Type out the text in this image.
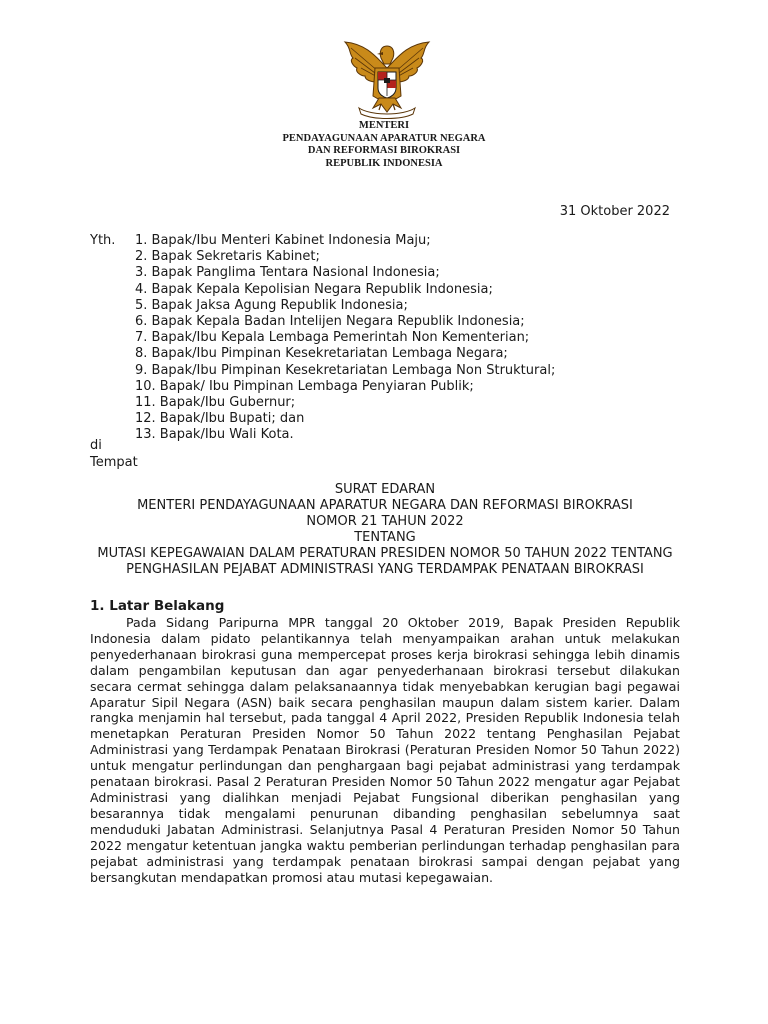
MENTERI
PENDAYAGUNAAN APARATUR NEGARA
DAN REFORMASI BIROKRASI
REPUBLIK INDONESIA
31 Oktober 2022
Yth. 1. Bapak/Ibu Menteri Kabinet Indonesia Maju;
2. Bapak Sekretaris Kabinet;
3. Bapak Panglima Tentara Nasional Indonesia;
4. Bapak Kepala Kepolisian Negara Republik Indonesia;
5. Bapak Jaksa Agung Republik Indonesia;
6. Bapak Kepala Badan Intelijen Negara Republik Indonesia;
7. Bapak/Ibu Kepala Lembaga Pemerintah Non Kementerian;
8. Bapak/Ibu Pimpinan Kesekretariatan Lembaga Negara;
9. Bapak/Ibu Pimpinan Kesekretariatan Lembaga Non Struktural;
10. Bapak/ Ibu Pimpinan Lembaga Penyiaran Publik;
11. Bapak/Ibu Gubernur;
12. Bapak/Ibu Bupati; dan
13. Bapak/Ibu Wali Kota.
di
Tempat
SURAT EDARAN
MENTERI PENDAYAGUNAAN APARATUR NEGARA DAN REFORMASI BIROKRASI
NOMOR 21 TAHUN 2022
TENTANG
MUTASI KEPEGAWAIAN DALAM PERATURAN PRESIDEN NOMOR 50 TAHUN 2022 TENTANG PENGHASILAN PEJABAT ADMINISTRASI YANG TERDAMPAK PENATAAN BIROKRASI
1. Latar Belakang

Pada Sidang Paripurna MPR tanggal 20 Oktober 2019, Bapak Presiden Republik Indonesia dalam pidato pelantikannya telah menyampaikan arahan untuk melakukan penyederhanaan birokrasi guna mempercepat proses kerja birokrasi sehingga lebih dinamis dalam pengambilan keputusan dan agar penyederhanaan birokrasi tersebut dilakukan secara cermat sehingga dalam pelaksanaannya tidak menyebabkan kerugian bagi pegawai Aparatur Sipil Negara (ASN) baik secara penghasilan maupun dalam sistem karier. Dalam rangka menjamin hal tersebut, pada tanggal 4 April 2022, Presiden Republik Indonesia telah menetapkan Peraturan Presiden Nomor 50 Tahun 2022 tentang Penghasilan Pejabat Administrasi yang Terdampak Penataan Birokrasi (Peraturan Presiden Nomor 50 Tahun 2022) untuk mengatur perlindungan dan penghargaan bagi pejabat administrasi yang terdampak penataan birokrasi. Pasal 2 Peraturan Presiden Nomor 50 Tahun 2022 mengatur agar Pejabat Administrasi yang dialihkan menjadi Pejabat Fungsional diberikan penghasilan yang besarannya tidak mengalami penurunan dibanding penghasilan sebelumnya saat menduduki Jabatan Administrasi. Selanjutnya Pasal 4 Peraturan Presiden Nomor 50 Tahun 2022 mengatur ketentuan jangka waktu pemberian perlindungan terhadap penghasilan para pejabat administrasi yang terdampak penataan birokrasi sampai dengan pejabat yang bersangkutan mendapatkan promosi atau mutasi kepegawaian.
